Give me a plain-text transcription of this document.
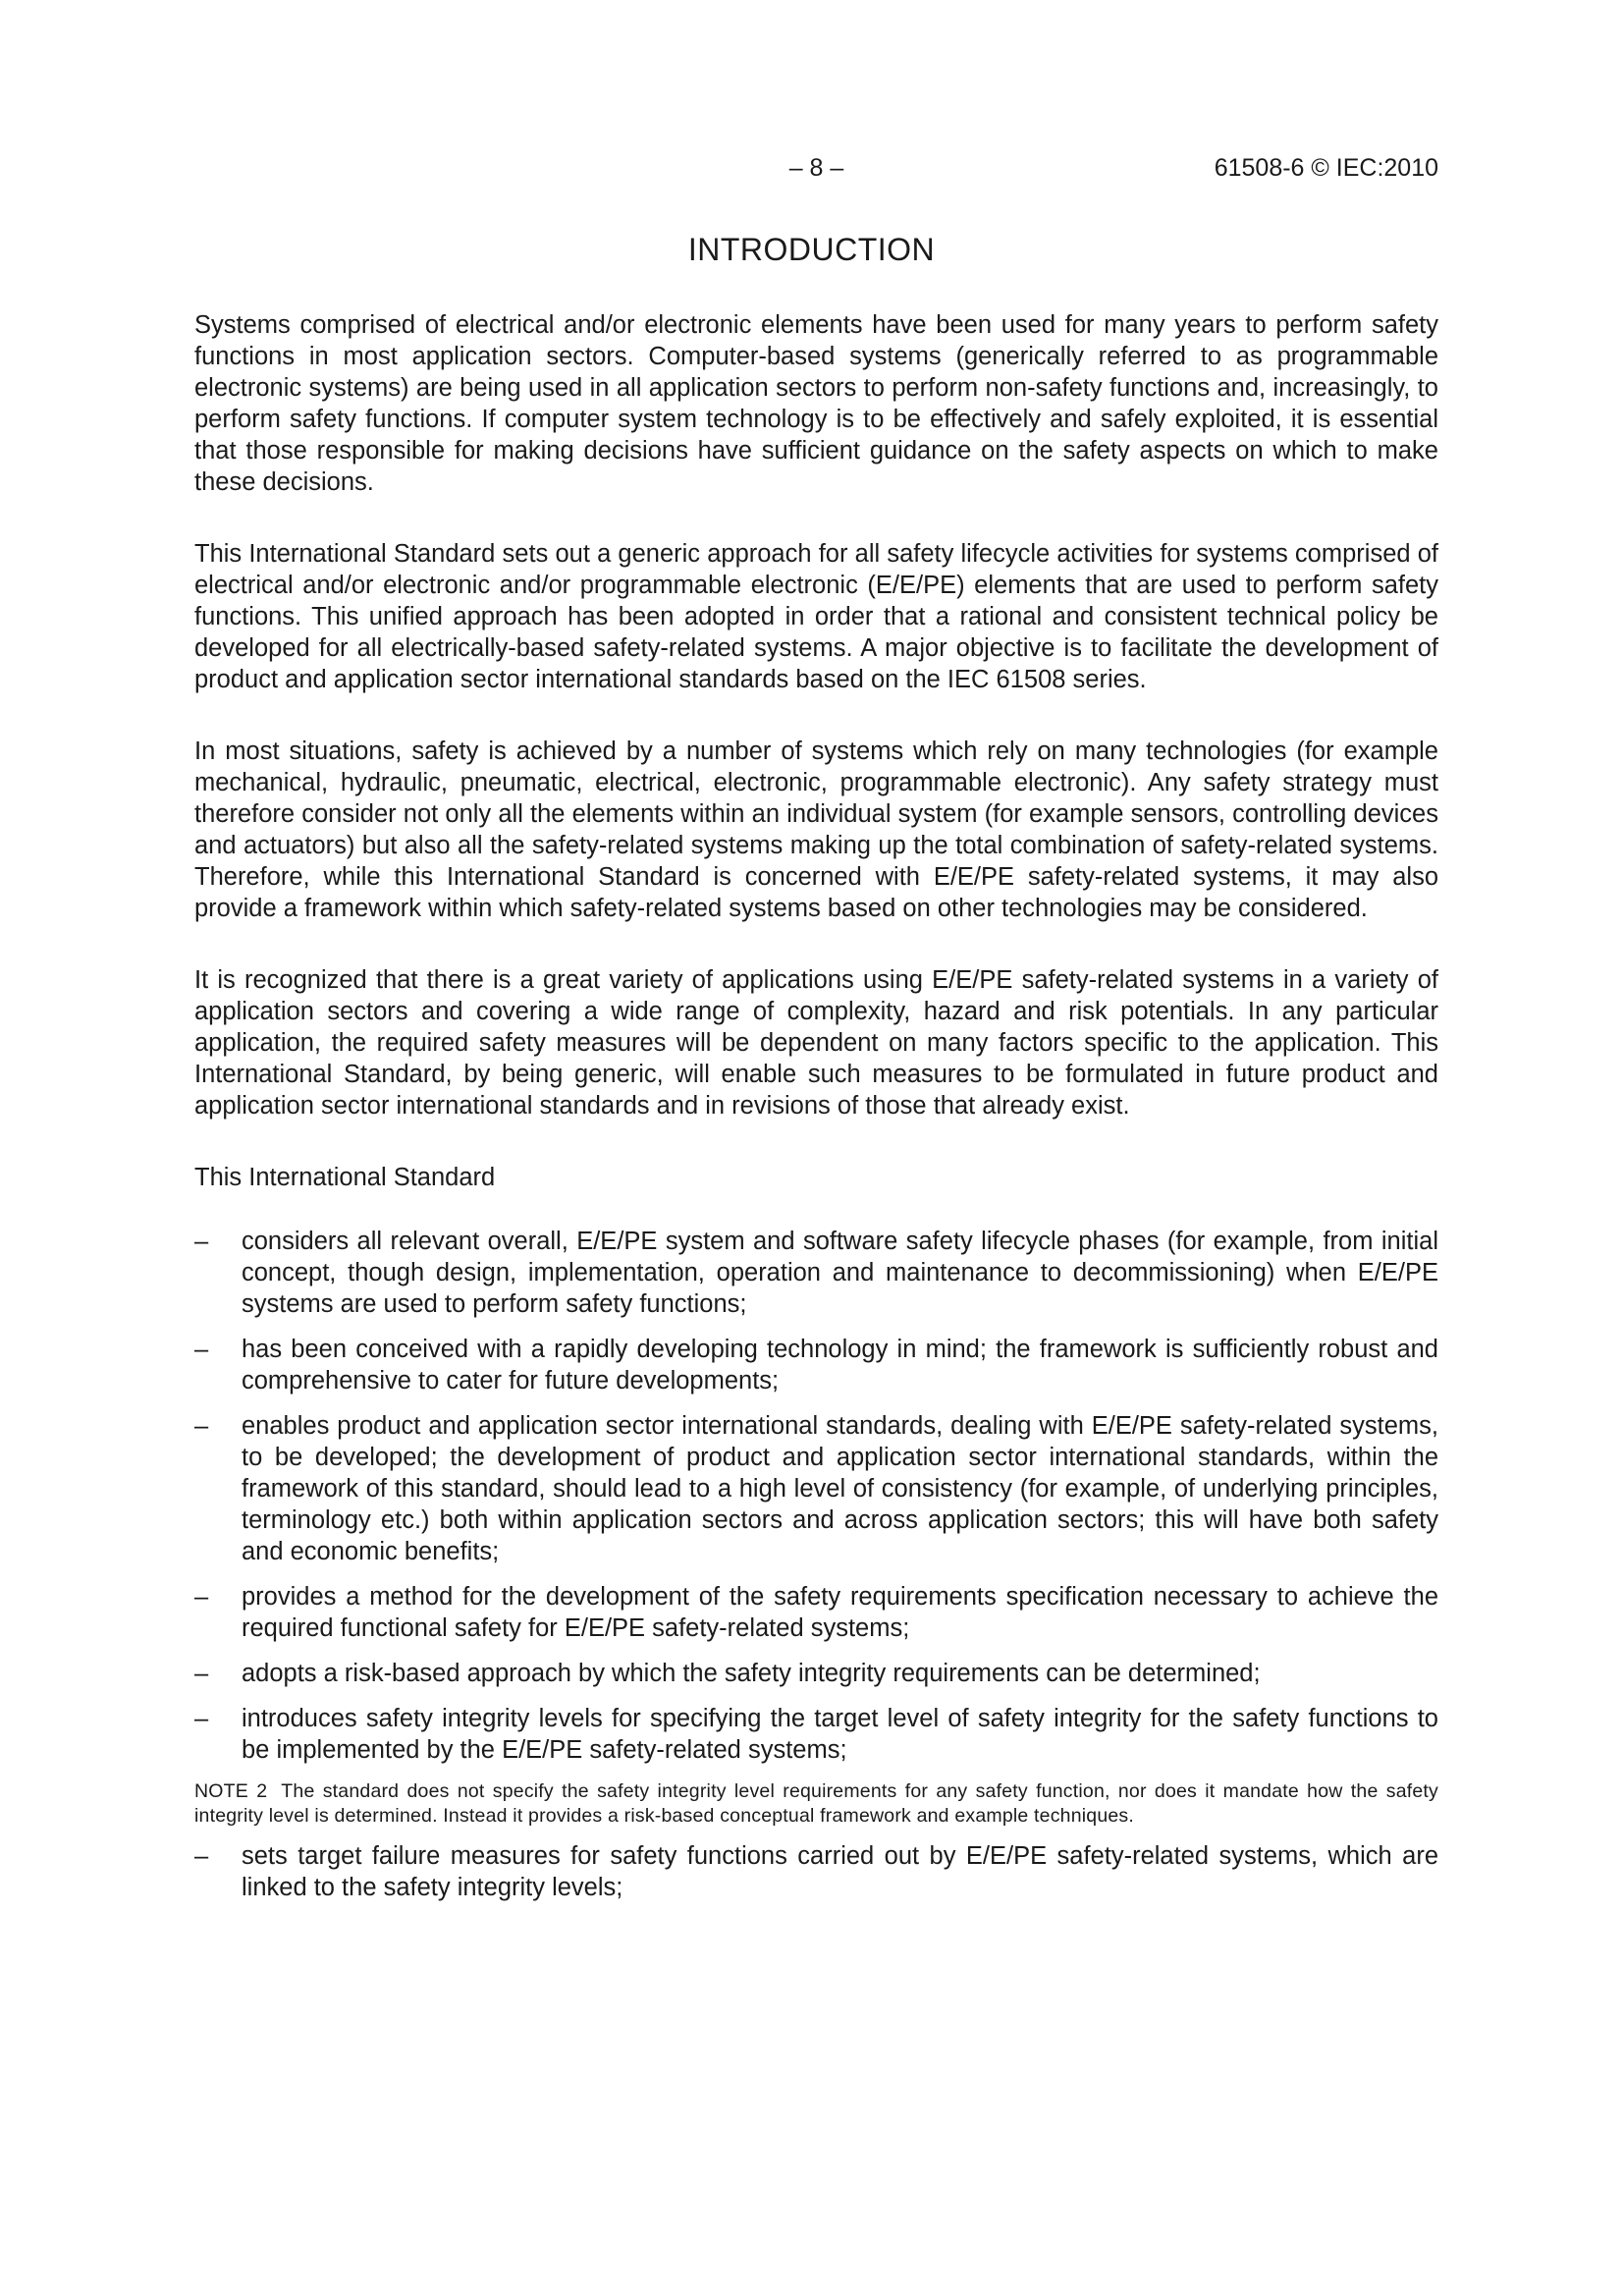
– 8 –	61508-6 © IEC:2010
INTRODUCTION

Systems comprised of electrical and/or electronic elements have been used for many years to perform safety functions in most application sectors. Computer-based systems (generically referred to as programmable electronic systems) are being used in all application sectors to perform non-safety functions and, increasingly, to perform safety functions. If computer system technology is to be effectively and safely exploited, it is essential that those responsible for making decisions have sufficient guidance on the safety aspects on which to make these decisions.

This International Standard sets out a generic approach for all safety lifecycle activities for systems comprised of electrical and/or electronic and/or programmable electronic (E/E/PE) elements that are used to perform safety functions. This unified approach has been adopted in order that a rational and consistent technical policy be developed for all electrically-based safety-related systems. A major objective is to facilitate the development of product and application sector international standards based on the IEC 61508 series.

In most situations, safety is achieved by a number of systems which rely on many technologies (for example mechanical, hydraulic, pneumatic, electrical, electronic, programmable electronic). Any safety strategy must therefore consider not only all the elements within an individual system (for example sensors, controlling devices and actuators) but also all the safety-related systems making up the total combination of safety-related systems. Therefore, while this International Standard is concerned with E/E/PE safety-related systems, it may also provide a framework within which safety-related systems based on other technologies may be considered.

It is recognized that there is a great variety of applications using E/E/PE safety-related systems in a variety of application sectors and covering a wide range of complexity, hazard and risk potentials. In any particular application, the required safety measures will be dependent on many factors specific to the application. This International Standard, by being generic, will enable such measures to be formulated in future product and application sector international standards and in revisions of those that already exist.

This International Standard

– considers all relevant overall, E/E/PE system and software safety lifecycle phases (for example, from initial concept, though design, implementation, operation and maintenance to decommissioning) when E/E/PE systems are used to perform safety functions;
– has been conceived with a rapidly developing technology in mind; the framework is sufficiently robust and comprehensive to cater for future developments;
– enables product and application sector international standards, dealing with E/E/PE safety-related systems, to be developed; the development of product and application sector international standards, within the framework of this standard, should lead to a high level of consistency (for example, of underlying principles, terminology etc.) both within application sectors and across application sectors; this will have both safety and economic benefits;
– provides a method for the development of the safety requirements specification necessary to achieve the required functional safety for E/E/PE safety-related systems;
– adopts a risk-based approach by which the safety integrity requirements can be determined;
– introduces safety integrity levels for specifying the target level of safety integrity for the safety functions to be implemented by the E/E/PE safety-related systems;

NOTE 2 The standard does not specify the safety integrity level requirements for any safety function, nor does it mandate how the safety integrity level is determined. Instead it provides a risk-based conceptual framework and example techniques.

– sets target failure measures for safety functions carried out by E/E/PE safety-related systems, which are linked to the safety integrity levels;
